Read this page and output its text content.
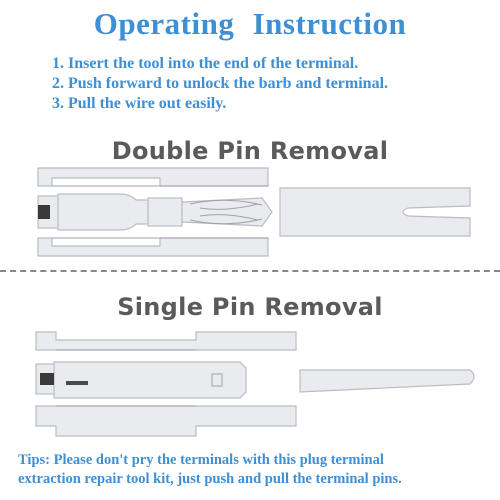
Operating Instruction
1. Insert the tool into the end of the terminal.
2. Push forward to unlock the barb and terminal.
3. Pull the wire out easily.
Double Pin Removal
Single Pin Removal
Tips: Please don't pry the terminals with this plug terminal
extraction repair tool kit, just push and pull the terminal pins.
